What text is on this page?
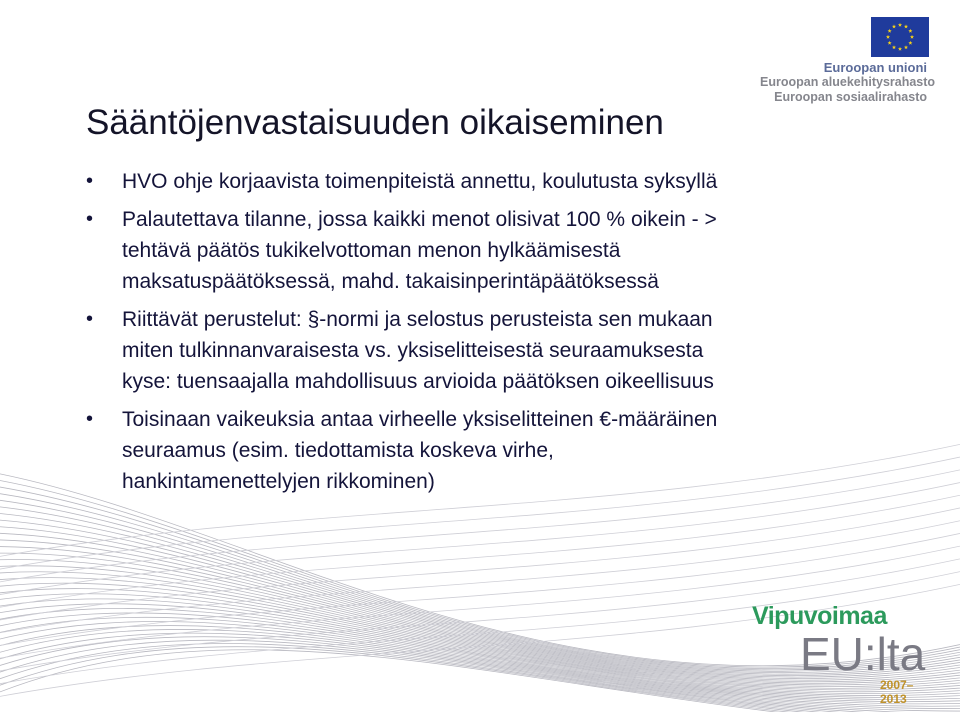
Sääntöjenvastaisuuden oikaiseminen
• HVO ohje korjaavista toimenpiteistä annettu, koulutusta syksyllä
• Palautettava tilanne, jossa kaikki menot olisivat 100 % oikein - >
tehtävä päätös tukikelvottoman menon hylkäämisestä
maksatuspäätöksessä, mahd. takaisinperintäpäätöksessä
• Riittävät perustelut: §-normi ja selostus perusteista sen mukaan
miten tulkinnanvaraisesta vs. yksiselitteisestä seuraamuksesta
kyse: tuensaajalla mahdollisuus arvioida päätöksen oikeellisuus
• Toisinaan vaikeuksia antaa virheelle yksiselitteinen €-määräinen
seuraamus (esim. tiedottamista koskeva virhe,
hankintamenettelyjen rikkominen)
Euroopan unioni
Euroopan aluekehitysrahasto
Euroopan sosiaalirahasto
Vipuvoimaa
EU:lta
2007–2013
